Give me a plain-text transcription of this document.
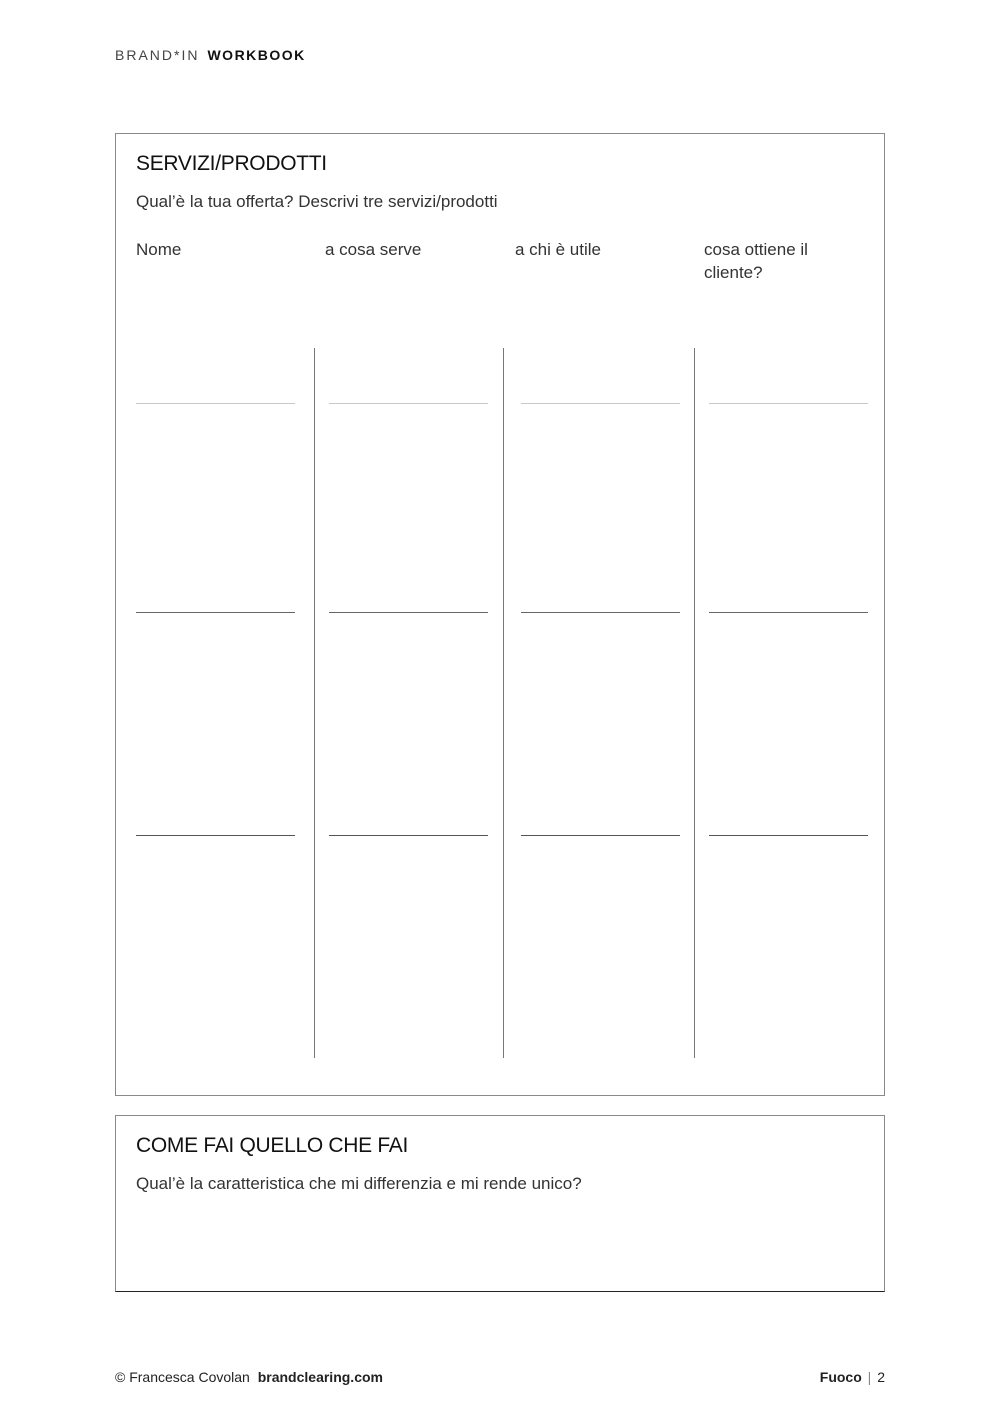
BRAND*IN WORKBOOK
SERVIZI/PRODOTTI
Qual’è la tua offerta? Descrivi tre servizi/prodotti
Nome	a cosa serve	a chi è utile	cosa ottiene il cliente?
COME FAI QUELLO CHE FAI
Qual’è la caratteristica che mi differenzia e mi rende unico?
© Francesca Covolan brandclearing.com	Fuoco | 2
